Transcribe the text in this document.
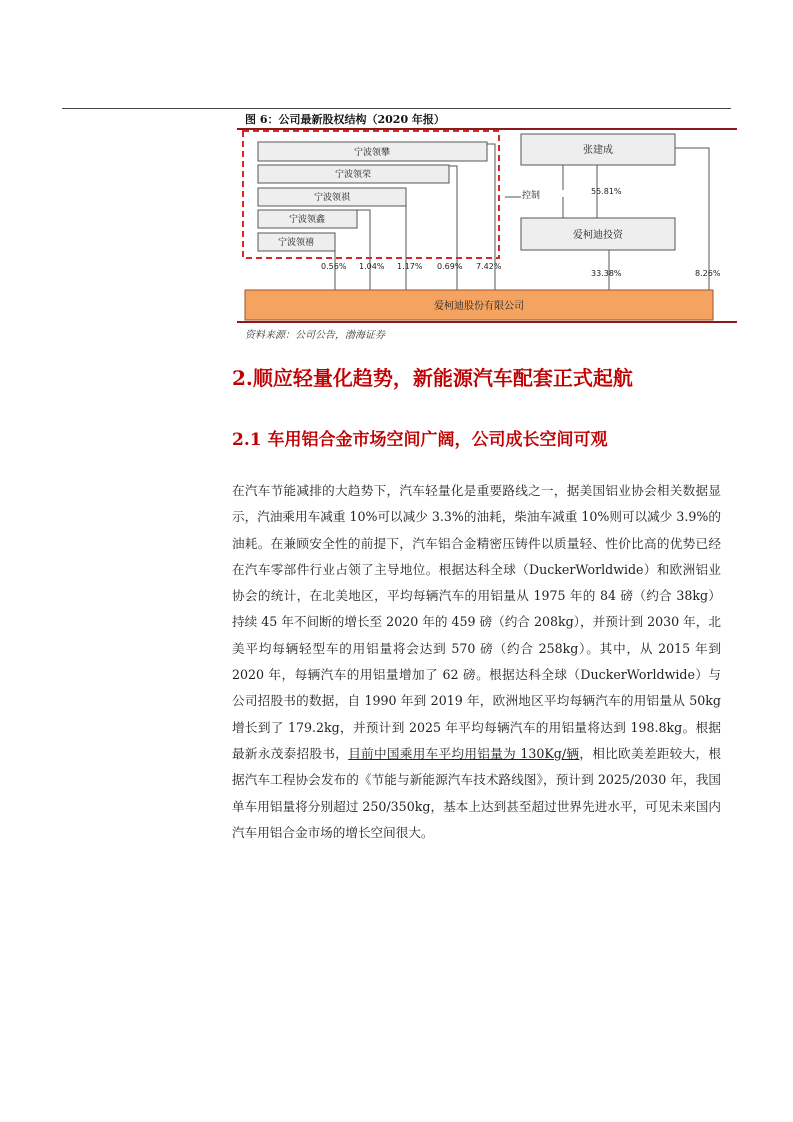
图 6：公司最新股权结构（2020 年报）
宁波领攀
宁波领荣
宁波领祺
宁波领鑫
宁波领禧
张建成
控制
爱柯迪投资
0.56% 1.04% 1.17% 0.69% 7.42%
55.81%
33.38%	8.26%
爱柯迪股份有限公司
资料来源：公司公告，渤海证券
2.顺应轻量化趋势，新能源汽车配套正式起航
2.1 车用铝合金市场空间广阔，公司成长空间可观
在汽车节能减排的大趋势下，汽车轻量化是重要路线之一，据美国铝业协会相关数据显示，汽油乘用车减重 10%可以减少 3.3%的油耗，柴油车减重 10%则可以减少 3.9%的油耗。在兼顾安全性的前提下，汽车铝合金精密压铸件以质量轻、性价比高的优势已经在汽车零部件行业占领了主导地位。根据达科全球（DuckerWorldwide）和欧洲铝业协会的统计，在北美地区，平均每辆汽车的用铝量从 1975 年的 84 磅（约合 38kg）持续 45 年不间断的增长至 2020 年的 459 磅（约合 208kg），并预计到 2030 年，北美平均每辆轻型车的用铝量将会达到 570 磅（约合 258kg）。其中，从 2015 年到 2020 年，每辆汽车的用铝量增加了 62 磅。根据达科全球（DuckerWorldwide）与公司招股书的数据，自 1990 年到 2019 年，欧洲地区平均每辆汽车的用铝量从 50kg 增长到了 179.2kg，并预计到 2025 年平均每辆汽车的用铝量将达到 198.8kg。根据最新永茂泰招股书，目前中国乘用车平均用铝量为 130Kg/辆，相比欧美差距较大，根据汽车工程协会发布的《节能与新能源汽车技术路线图》，预计到 2025/2030 年，我国单车用铝量将分别超过 250/350kg，基本上达到甚至超过世界先进水平，可见未来国内汽车用铝合金市场的增长空间很大。
